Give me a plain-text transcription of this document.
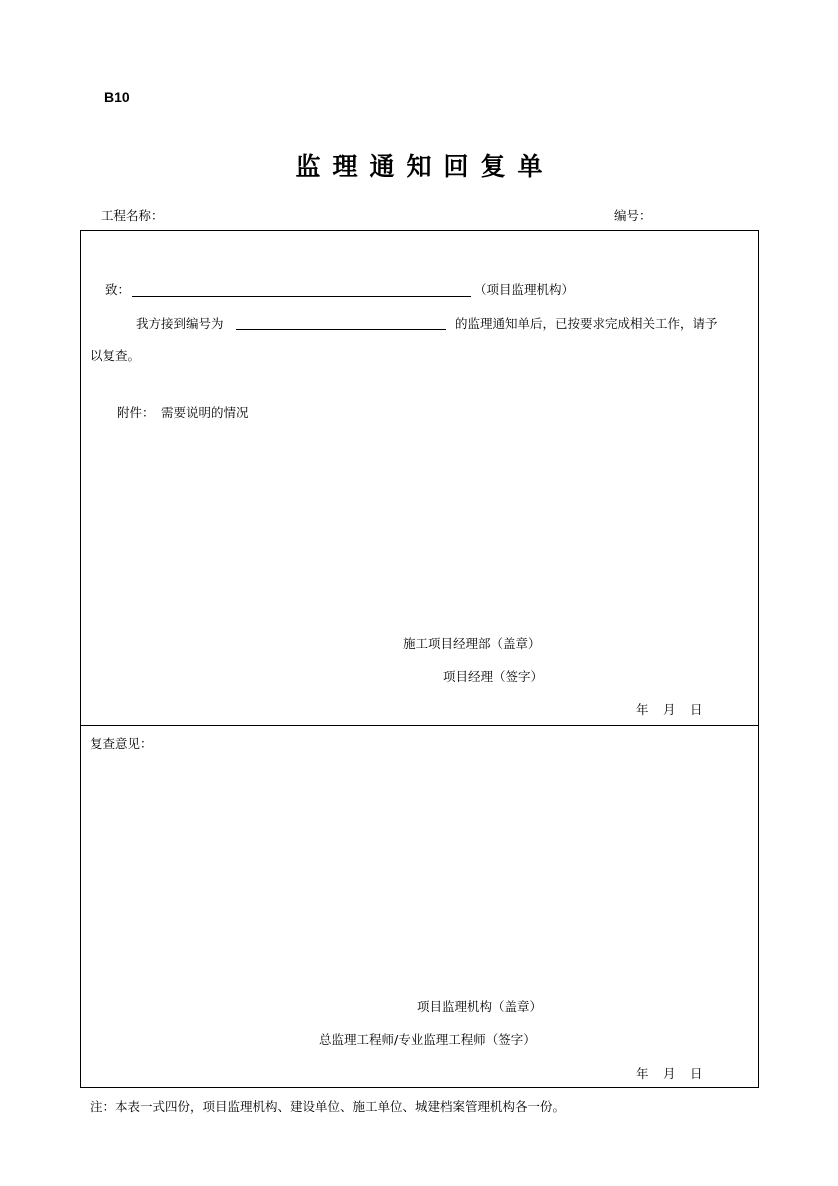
B10
监理通知回复单
工程名称：	编号：
致：	（项目监理机构）
我方接到编号为	的监理通知单后，已按要求完成相关工作，请予
以复查。
附件： 需要说明的情况
施工项目经理部（盖章）
项目经理（签字）
年 月 日
复查意见：
项目监理机构（盖章）
总监理工程师/专业监理工程师（签字）
年 月 日
注：本表一式四份，项目监理机构、建设单位、施工单位、城建档案管理机构各一份。
